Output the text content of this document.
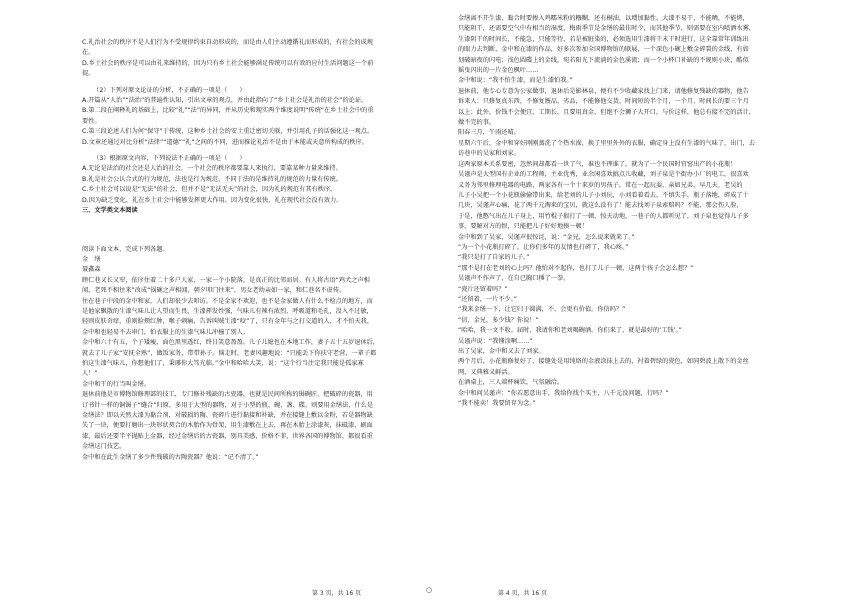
C.礼治社会的秩序不是人们行为不受规律约束自动形成的，而是由人们主动遵循礼而形成的，有社会的成规

在。

D.乡土社会的秩序是可以由礼来维持的，因为只有乡土社会能够满足传统可以有效的应付生活问题这一个前

提。

（2）下列对原文论证的分析，不正确的一项是（　　）

A.开篇从“人治”“法治”的普遍性认知，引出文章的观点，并由此指向了“乡土社会是礼治的社会”的论证。

B.第二段在阐释礼的基础上，比较“礼”“法”的异同，并从历史和现实两个维度说明“传统”在乡土社会中的重

要性。

C.第三段论述人们为何“保守”于传统，这种乡土社会的安土重迁密切关联，并引用孔子的话强化这一观点。

D.文章还通过对比分析“法律”“道德”“礼”之间的不同，进而推论礼治不是由于本能或天意所构成的秩序。

（3）根据原文内容，下列说法不正确的一项是（　　）

A.无论是法治的社会还是人治的社会，一个社会的秩序都要靠人来执行，要靠某种力量来维持。

B.礼是社会公认合式的行为规范，法也是行为规范，不同于法的是维持礼的规范的力量有传统。

C.乡土社会可以说是“无法”的社会，但并不是“无法无天”的社会，因为礼的规范有其有秩序。

D.因为缺乏变化，礼在乡土社会中能够发挥更大作用，因为变化很快，礼在现代社会没有效力。

三、文学类文本阅读

阅读下面文本，完成下列各题。

金　缮

聂鑫森

睦仁巷又长又窄，依序住着二十多户人家，一家一个小院落，是真正的比邻而居。有人将古语“鸡犬之声相

闻，老死不相往来”改成“锅碗之声相闻，朝夕叩门往来”，男女老幼亲如一家，和仁巷名不虚传。

住在巷子中段的金中和家，人们却很少去叩访。不是金家不欢迎，也不是金家做人有什么不检点的地方，而

是他家飘散的生漆气味儿让人望而生畏，生漆挥发性强，气味儿有辣有浓烈，呼吸道和毛孔，沒入不过敏，

轻则皮肤奇痒，重则脸颊红肿，喉子刺痛，告诉叫贼生漆“咬”了，只有金年与之打交道的人，才不怕天我，

金中和也轻易不去串门，怕衣服上的生漆气味儿冲撞了别人。

金中和六十有五，个子矮瘦，面色黑里透红，终日笑意盈盈。儿子儿媳也在本地工作，妻子五十五岁退休后，

就去了儿子家“安抚全熟”，做饭家务，带带孙子。恼走时，老妻风趣地说：“只能丢下你扶守老营，一辈子都

怕这生漆气味儿，你想他们了，秉琊你大笃光临。”金中和哈哈大笑，说：“这个行当注定我只能是孤家寡

人！”

金中和干的行当叫金缮。

退休前他是市博物馆修理部的技工，专门修补残缺的古瓷器，也就是民间所称的锔碗匠，把破碎的瓷器，用

订书针一样的铜锔子“缝合”归原，多用于大型的器物，对于小型的瓶、碗、盏、碟，则要用金缮法，什么是

金缮法？即以天然大漆为黏合剂，对破损的陶、瓷碎片进行黏接和补缺，并在接缝上敷以金粉，若是器物缺

失了一块，便要打磨出一块形状契合的木胎作为骨架，用生漆敷在上去，再在木胎上涂漆灰，抹砥漆，刷面

漆，最后还要半平抛贴上金器，经过金缮后的古瓷器，别具美感，价格不菲，世界各国的博物馆，都很看重

金缮这门技艺。

金中和在此生金缮了多少件残破的古陶瓷器？他说：“记不清了。”

金缮离不开生漆，黏合时要掺入鸡糯米粉的糨糊，还有桐油，以增加黏性。大漆不易干，不能晒，不能烤，

只能阴干，还需要空气中有相当的湿度，梅雨季节是金缮的最佳时令，而其他季节，则需要在室内喷洒水雾，

生漆阴干的时间长，不能急，只能等待，若是被脏染的，必须选用生漆将干未干时进行，这全靠常年训练出

的眼力去判断，金中和在漆的作品，好多次参加全国博物馆的联展，一个深色小碗上敷金碎裂的金线，有如

划破暗夜的闪电；浅色圆碟上的金线，宛若阳光下流淌的金色溪流；而一个小杯口补缺的不规则小块，酷似

摇曳闪出的一片金色枫叶……

金中和说：“我不怕生漆，而是生漆怕我。”

退休前，他专心专意为公家做事，退休后是影林泉，便有不少收藏家找上门来，请他修复残缺的器物，他告

诉来人：只修复真东西，不修复赝品，劣品，不能修他交货，时间短的半个月，一个月，时间长的要三个月

以上；此外，价钱不会便宜，工期长，且要用真金，但绝不会狮子大开口，与价这样，他总有接不完的活计，

做不完的事。

阳春三月，午雨还晴。

星期六午后，金中和穿好刚刚蒸洗了个热水澡，换了里里外外的衣服，确定身上没有生漆的气味了，出门，去

访巷中的吴家和刘家。

这两家原本关系要密，忽然间却都看一世了气，谁也不理谁了，就为了一个民国时官窑出产的小花瓶！

吴谨声是大型国有企业的工程师，主业优秀，业余闲喜欢搞点儿收藏，刘子泉是个街办小厂的电工，很喜欢

义务为邻里修理电器的电路，两家各有一个十来岁的男孩子，常在一起玩耍，亲如兄弟，早几天，老吴的

儿子小吴把一个小花瓶偷偷带出来，给老刘的儿子小刘玩，小刘看着看去，不慎失手，瓶子落地，碎成了十

几块，吴谨声心痛，花了两千元淘来的宝贝，就这么没有了！能去找刘子泉索赔吗？不能，那会伤人脸，

于是，他憋气出在儿子身上，用竹棍子狠打了一顿，惊天动地，一巷子的人都听见了，刘子泉也觉得儿子多

事，要解对方的恨，只能把儿子好好地揍一顿！

金中和到了吴家，吴谨声很惊诧，说：“金兄，怎么说来就来了。”

“为一个小花瓶打碎了，让你们多年的友情也打碎了，我心疼。”

“我只是打了自家的儿子。”

“那不是打在老刘的心上吗？他怕对不起你，也打了儿子一顿，这两个孩子会怎么想？”

吴谨声不作声了，在自已胸口捶了一拳。

“瓷片还留着吗？”

“还留着，一片不少。”

“我来金缮一下，让它归于圆满，不，会更有价值。你信吗？”

“信，金兄，多少钱？你说！”

“哈哈，我一文不收。届时，我请你和老刘喝碗酒。你们来了，就是最好的‘工钱’。”

吴谨声说：“我懂涂啊……”

出了吴家，金中和又去了刘家。

两个月后，小花瓶修复好了，接缝处是用纯烙的金液涂抹上去的，衬着碧绿的瓷色，如同碧波上散下的金丝

网，又典雅又鲜活。

在酒桌上，三人端杯痛饮，气氛融洽。

金中和问吴谨声：“你若愿意出手，我给你找个买主，八千元没问题，行吗？”

“我不能卖！我要留存为念。”

第 3 页，共 16 页	○	第 4 页，共 16 页
